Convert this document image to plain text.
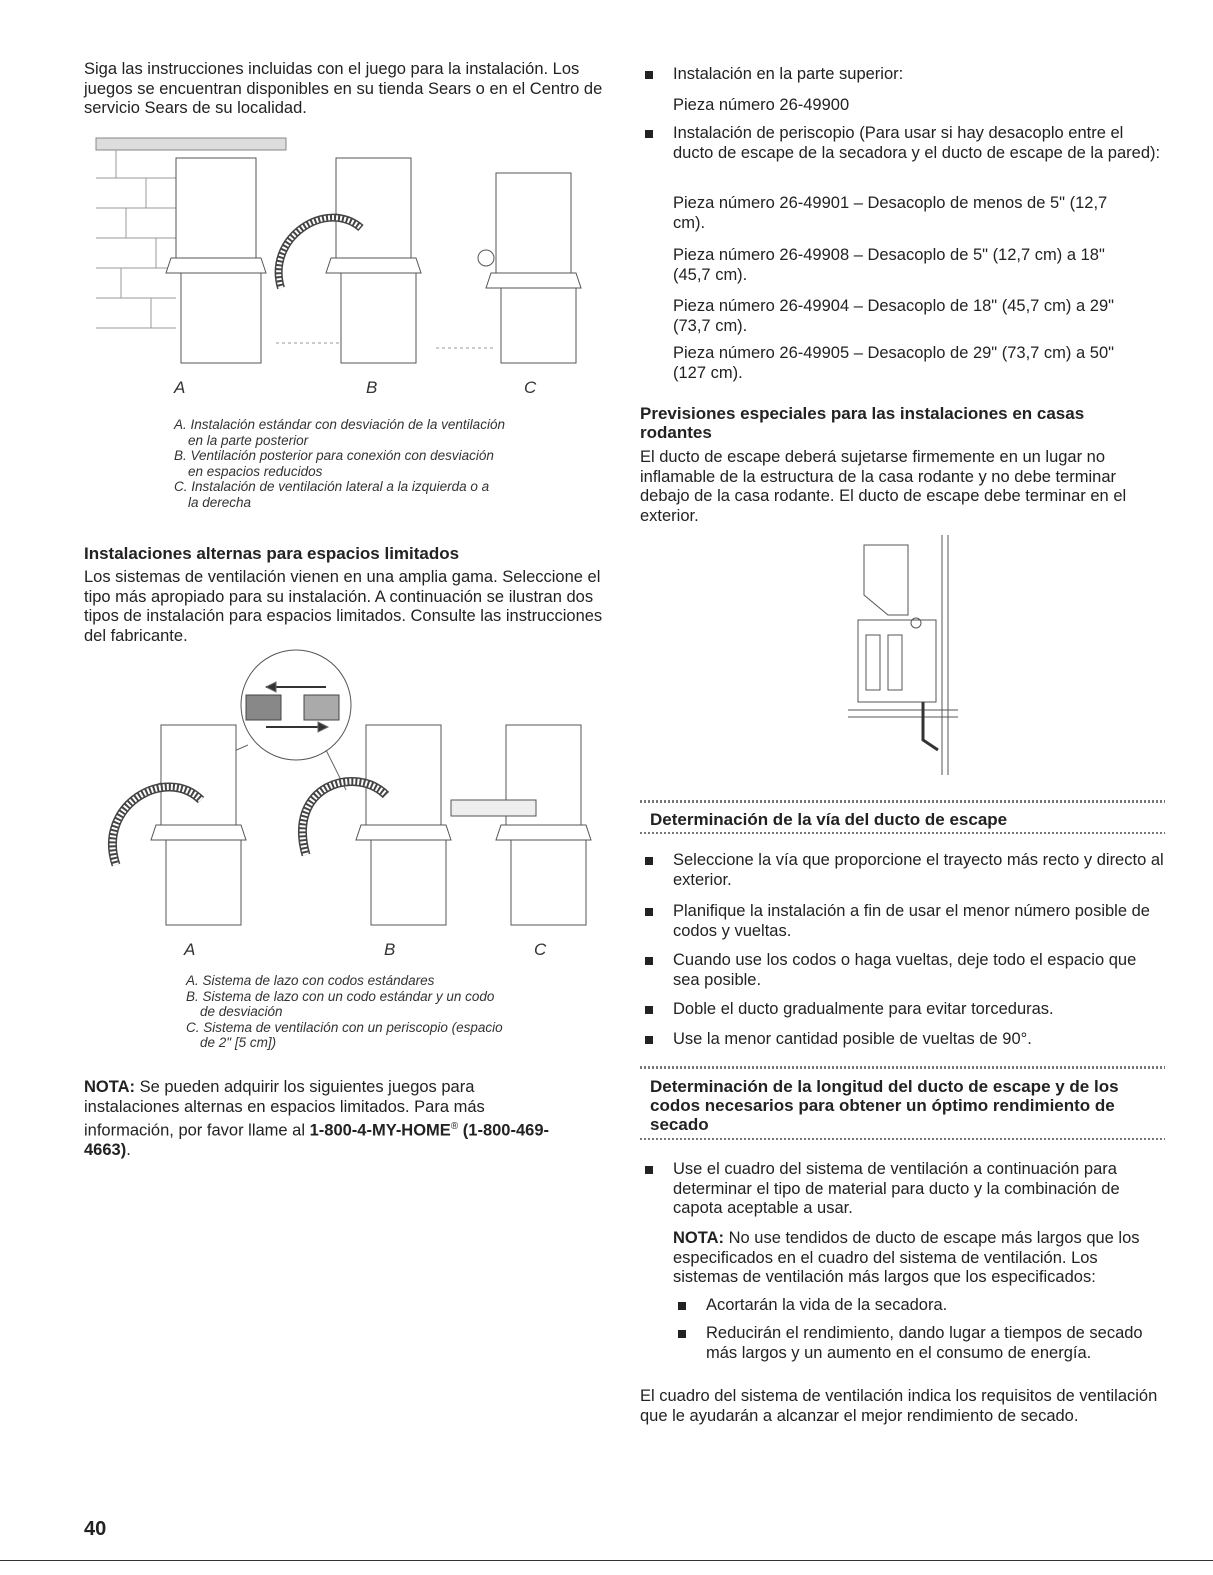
Siga las instrucciones incluidas con el juego para la instalación. Los juegos se encuentran disponibles en su tienda Sears o en el Centro de servicio Sears de su localidad.

A	B	C
A. Instalación estándar con desviación de la ventilación
en la parte posterior
B. Ventilación posterior para conexión con desviación
en espacios reducidos
C. Instalación de ventilación lateral a la izquierda o a
la derecha
Instalaciones alternas para espacios limitados

Los sistemas de ventilación vienen en una amplia gama. Seleccione el tipo más apropiado para su instalación. A continuación se ilustran dos tipos de instalación para espacios limitados. Consulte las instrucciones del fabricante.

A	B	C
A. Sistema de lazo con codos estándares
B. Sistema de lazo con un codo estándar y un codo
de desviación
C. Sistema de ventilación con un periscopio (espacio
de 2" [5 cm])

NOTA: Se pueden adquirir los siguientes juegos para instalaciones alternas en espacios limitados. Para más información, por favor llame al 1-800-4-MY-HOME® (1-800-469-4663).

Instalación en la parte superior:

Pieza número 26-49900

Instalación de periscopio (Para usar si hay desacoplo entre el ducto de escape de la secadora y el ducto de escape de la pared):

Pieza número 26-49901 – Desacoplo de menos de 5" (12,7 cm).

Pieza número 26-49908 – Desacoplo de 5" (12,7 cm) a 18" (45,7 cm).

Pieza número 26-49904 – Desacoplo de 18" (45,7 cm) a 29" (73,7 cm).

Pieza número 26-49905 – Desacoplo de 29" (73,7 cm) a 50" (127 cm).

Previsiones especiales para las instalaciones en casas rodantes

El ducto de escape deberá sujetarse firmemente en un lugar no inflamable de la estructura de la casa rodante y no debe terminar debajo de la casa rodante. El ducto de escape debe terminar en el exterior.

Determinación de la vía del ducto de escape
Seleccione la vía que proporcione el trayecto más recto y directo al exterior.
Planifique la instalación a fin de usar el menor número posible de codos y vueltas.
Cuando use los codos o haga vueltas, deje todo el espacio que sea posible.
Doble el ducto gradualmente para evitar torceduras.
Use la menor cantidad posible de vueltas de 90°.
Determinación de la longitud del ducto de escape y de los codos necesarios para obtener un óptimo rendimiento de secado
Use el cuadro del sistema de ventilación a continuación para determinar el tipo de material para ducto y la combinación de capota aceptable a usar.

NOTA: No use tendidos de ducto de escape más largos que los especificados en el cuadro del sistema de ventilación. Los sistemas de ventilación más largos que los especificados:

Acortarán la vida de la secadora.
Reducirán el rendimiento, dando lugar a tiempos de secado más largos y un aumento en el consumo de energía.

El cuadro del sistema de ventilación indica los requisitos de ventilación que le ayudarán a alcanzar el mejor rendimiento de secado.

40
